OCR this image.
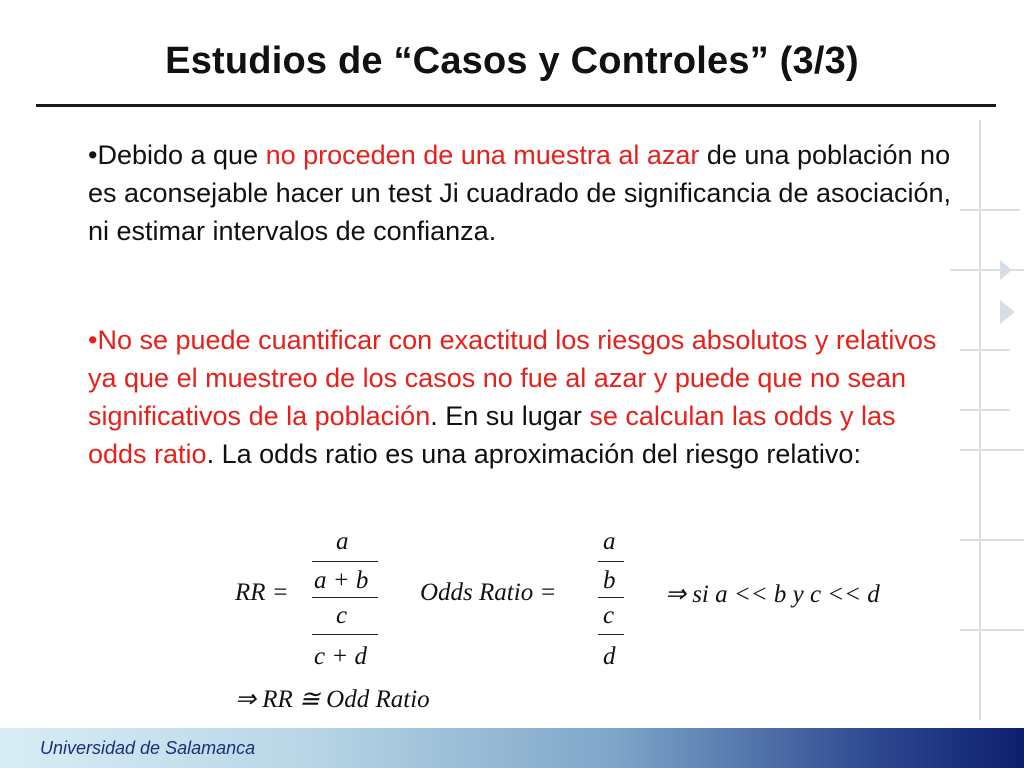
Estudios de “Casos y Controles” (3/3)
•Debido a que no proceden de una muestra al azar de una población no es aconsejable hacer un test Ji cuadrado de significancia de asociación, ni estimar intervalos de confianza.
•No se puede cuantificar con exactitud los riesgos absolutos y relativos ya que el muestreo de los casos no fue al azar y puede que no sean significativos de la población. En su lugar se calculan las odds y las odds ratio. La odds ratio es una aproximación del riesgo relativo:
RR =
a
a + b
c
c + d
Odds Ratio =
a
b
c
d
⇒ si a << b y c << d
⇒ RR ≅ Odd Ratio
Universidad de Salamanca
